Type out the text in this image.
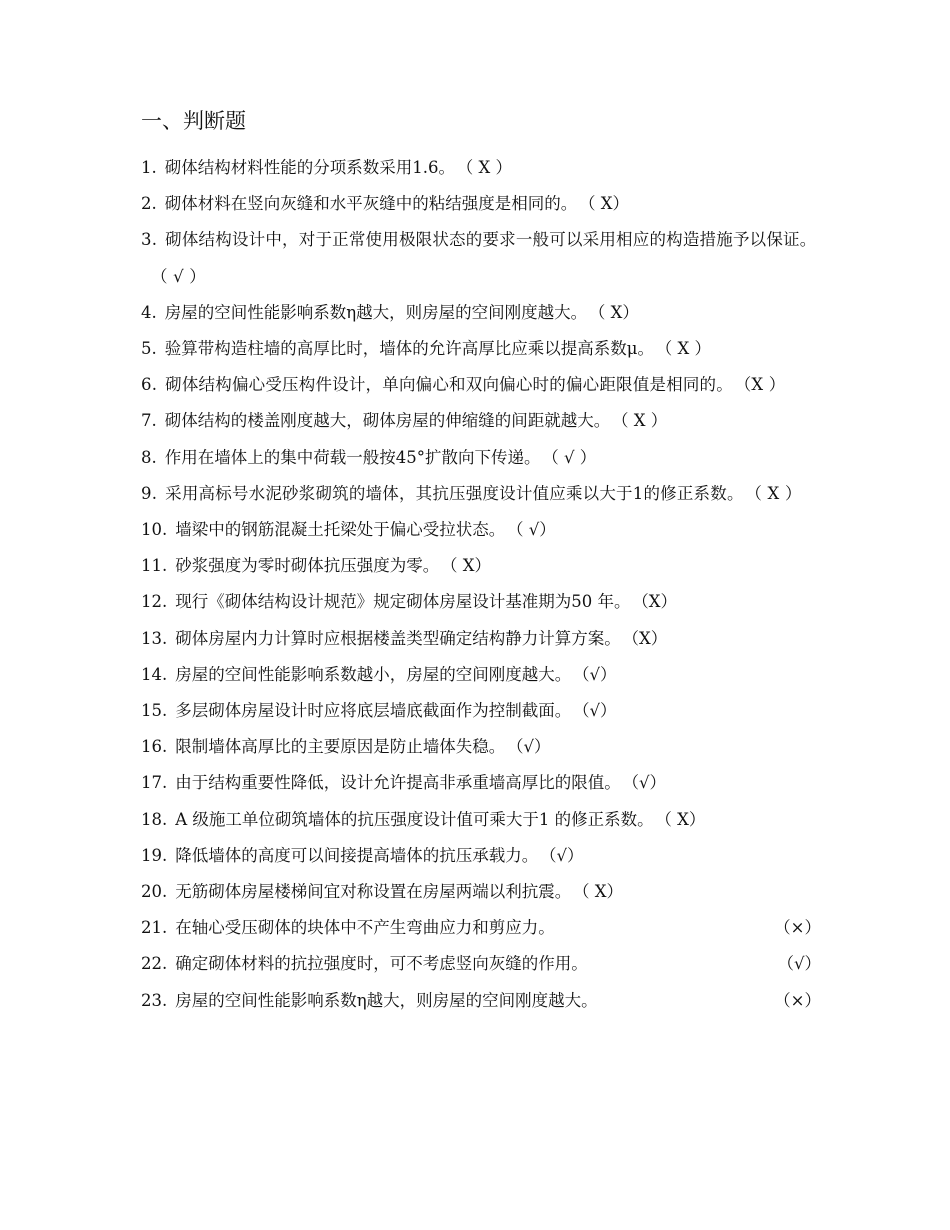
一、判断题
1. 砌体结构材料性能的分项系数采用1.6。 （ X ）
2. 砌体材料在竖向灰缝和水平灰缝中的粘结强度是相同的。 （ X）
3. 砌体结构设计中，对于正常使用极限状态的要求一般可以采用相应的构造措施予以保证。（ √ ）
4. 房屋的空间性能影响系数η越大，则房屋的空间刚度越大。 （ X）
5. 验算带构造柱墙的高厚比时，墙体的允许高厚比应乘以提高系数μ。 （ X ）
6. 砌体结构偏心受压构件设计，单向偏心和双向偏心时的偏心距限值是相同的。 （X ）
7. 砌体结构的楼盖刚度越大，砌体房屋的伸缩缝的间距就越大。 （ X ）
8. 作用在墙体上的集中荷载一般按45°扩散向下传递。 （ √ ）
9. 采用高标号水泥砂浆砌筑的墙体，其抗压强度设计值应乘以大于1的修正系数。 （ X ）
10. 墙梁中的钢筋混凝土托梁处于偏心受拉状态。 （ √）
11. 砂浆强度为零时砌体抗压强度为零。 （ X）
12. 现行《砌体结构设计规范》规定砌体房屋设计基准期为50 年。 （X）
13. 砌体房屋内力计算时应根据楼盖类型确定结构静力计算方案。 （X）
14. 房屋的空间性能影响系数越小，房屋的空间刚度越大。 （√）
15. 多层砌体房屋设计时应将底层墙底截面作为控制截面。 （√）
16. 限制墙体高厚比的主要原因是防止墙体失稳。 （√）
17. 由于结构重要性降低，设计允许提高非承重墙高厚比的限值。 （√）
18. A 级施工单位砌筑墙体的抗压强度设计值可乘大于1 的修正系数。 （ X）
19. 降低墙体的高度可以间接提高墙体的抗压承载力。 （√）
20. 无筋砌体房屋楼梯间宜对称设置在房屋两端以利抗震。 （ X）
21. 在轴心受压砌体的块体中不产生弯曲应力和剪应力。	（×）
22. 确定砌体材料的抗拉强度时，可不考虑竖向灰缝的作用。	（√）
23. 房屋的空间性能影响系数η越大，则房屋的空间刚度越大。	（×）
